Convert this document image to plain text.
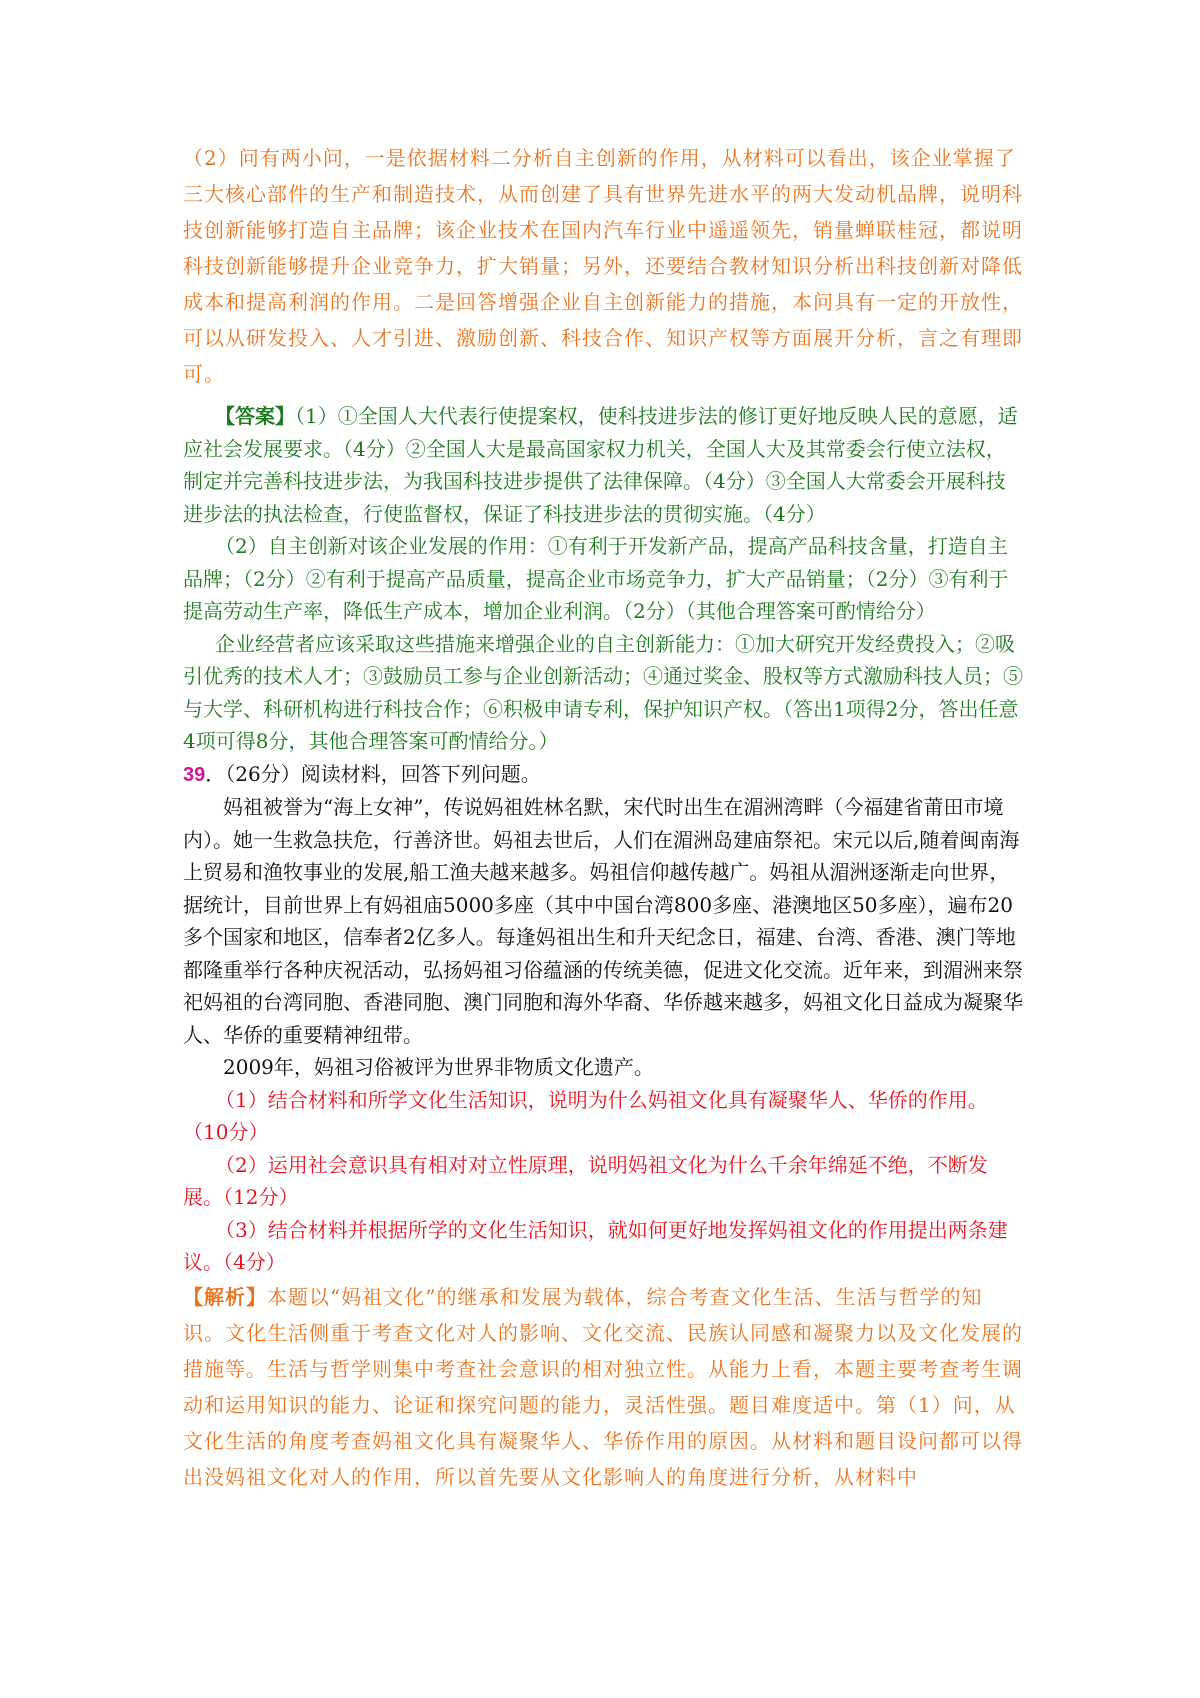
（2）问有两小问，一是依据材料二分析自主创新的作用，从材料可以看出，该企业掌握了三大核心部件的生产和制造技术，从而创建了具有世界先进水平的两大发动机品牌，说明科技创新能够打造自主品牌；该企业技术在国内汽车行业中遥遥领先，销量蝉联桂冠，都说明科技创新能够提升企业竞争力，扩大销量；另外，还要结合教材知识分析出科技创新对降低成本和提高利润的作用。二是回答增强企业自主创新能力的措施，本问具有一定的开放性，可以从研发投入、人才引进、激励创新、科技合作、知识产权等方面展开分析，言之有理即可。

【答案】（1）①全国人大代表行使提案权，使科技进步法的修订更好地反映人民的意愿，适应社会发展要求。（4分）②全国人大是最高国家权力机关，全国人大及其常委会行使立法权，制定并完善科技进步法，为我国科技进步提供了法律保障。（4分）③全国人大常委会开展科技进步法的执法检查，行使监督权，保证了科技进步法的贯彻实施。（4分）

（2）自主创新对该企业发展的作用：①有利于开发新产品，提高产品科技含量，打造自主品牌；（2分）②有利于提高产品质量，提高企业市场竞争力，扩大产品销量；（2分）③有利于提高劳动生产率，降低生产成本，增加企业利润。（2分）（其他合理答案可酌情给分）

企业经营者应该采取这些措施来增强企业的自主创新能力：①加大研究开发经费投入；②吸引优秀的技术人才；③鼓励员工参与企业创新活动；④通过奖金、股权等方式激励科技人员；⑤与大学、科研机构进行科技合作；⑥积极申请专利，保护知识产权。（答出1项得2分，答出任意4项可得8分，其他合理答案可酌情给分。）

39．（26分）阅读材料，回答下列问题。

妈祖被誉为“海上女神”，传说妈祖姓林名默，宋代时出生在湄洲湾畔（今福建省莆田市境内）。她一生救急扶危，行善济世。妈祖去世后，人们在湄洲岛建庙祭祀。宋元以后,随着闽南海上贸易和渔牧事业的发展,船工渔夫越来越多。妈祖信仰越传越广。妈祖从湄洲逐渐走向世界，据统计，目前世界上有妈祖庙5000多座（其中中国台湾800多座、港澳地区50多座），遍布20多个国家和地区，信奉者2亿多人。每逢妈祖出生和升天纪念日，福建、台湾、香港、澳门等地都隆重举行各种庆祝活动，弘扬妈祖习俗蕴涵的传统美德，促进文化交流。近年来，到湄洲来祭祀妈祖的台湾同胞、香港同胞、澳门同胞和海外华裔、华侨越来越多，妈祖文化日益成为凝聚华人、华侨的重要精神纽带。

2009年，妈祖习俗被评为世界非物质文化遗产。

（1）结合材料和所学文化生活知识，说明为什么妈祖文化具有凝聚华人、华侨的作用。（10分）

（2）运用社会意识具有相对对立性原理，说明妈祖文化为什么千余年绵延不绝，不断发展。（12分）

（3）结合材料并根据所学的文化生活知识，就如何更好地发挥妈祖文化的作用提出两条建议。（4分）

【解析】本题以“妈祖文化”的继承和发展为载体，综合考查文化生活、生活与哲学的知识。文化生活侧重于考查文化对人的影响、文化交流、民族认同感和凝聚力以及文化发展的措施等。生活与哲学则集中考查社会意识的相对独立性。从能力上看，本题主要考查考生调动和运用知识的能力、论证和探究问题的能力，灵活性强。题目难度适中。第（1）问，从文化生活的角度考查妈祖文化具有凝聚华人、华侨作用的原因。从材料和题目设问都可以得出没妈祖文化对人的作用，所以首先要从文化影响人的角度进行分析，从材料中
